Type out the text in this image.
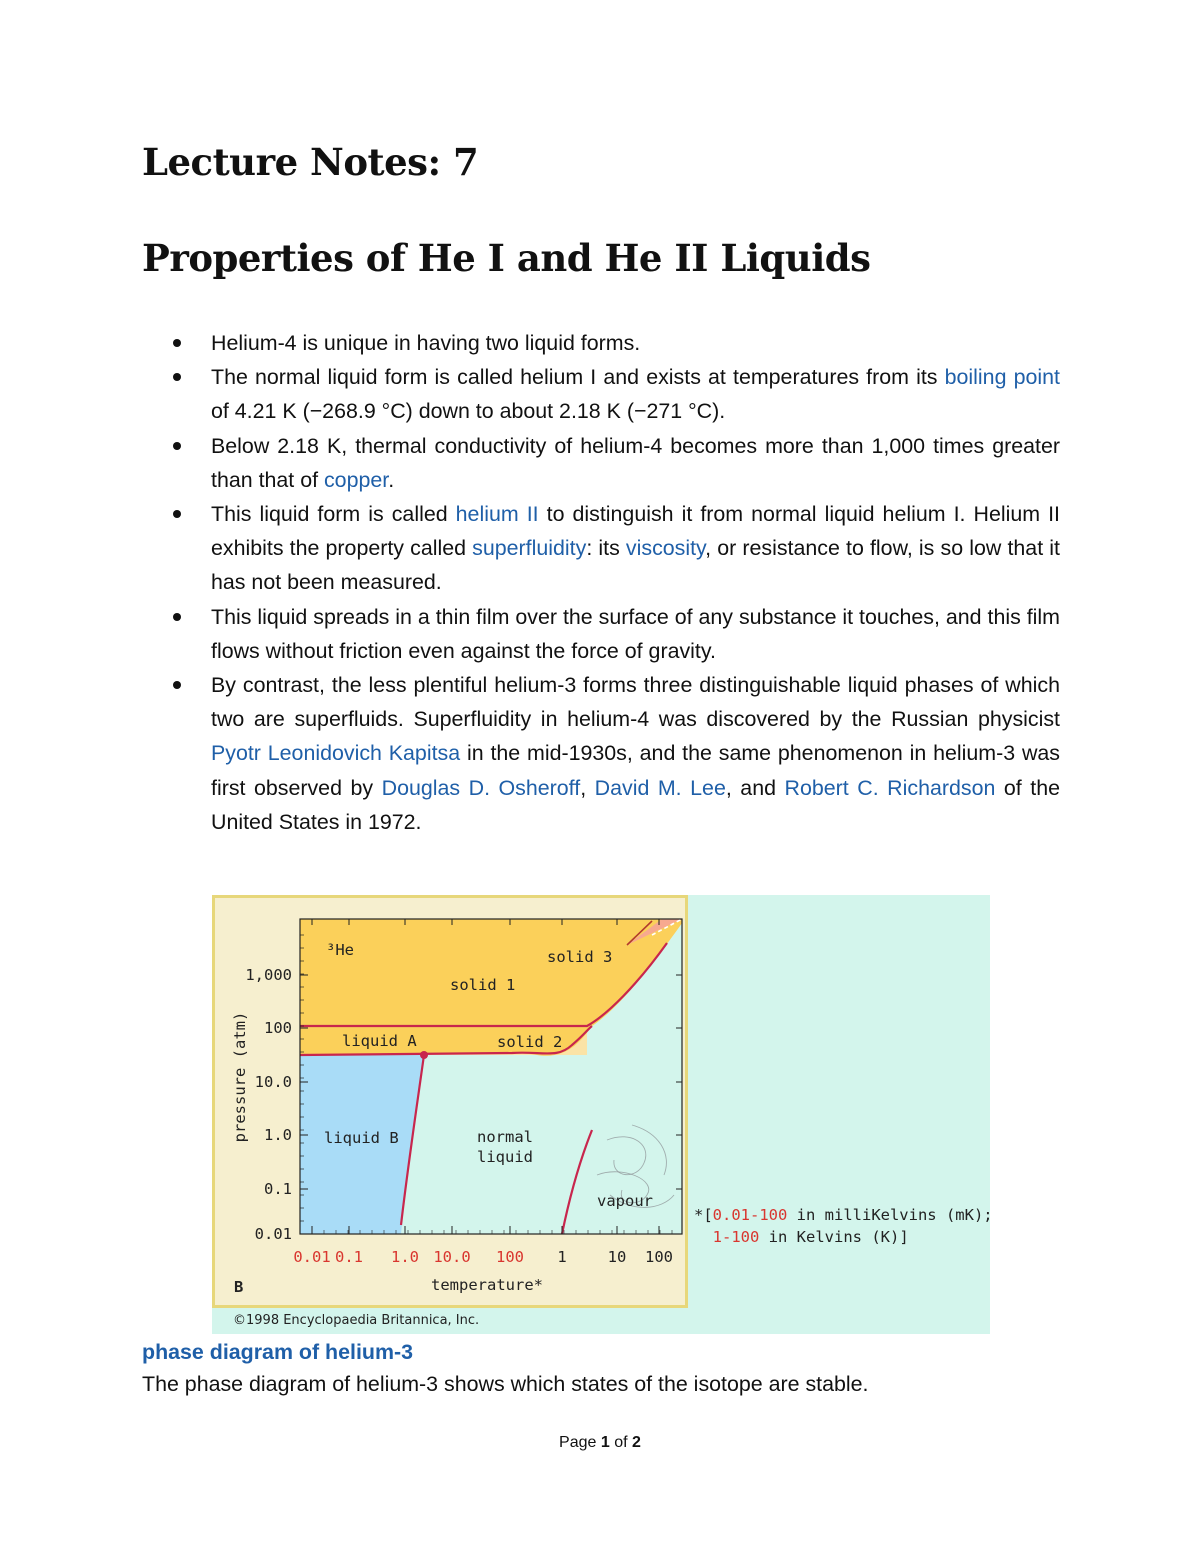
Lecture Notes: 7
Properties of He I and He II Liquids
Helium-4 is unique in having two liquid forms.
The normal liquid form is called helium I and exists at temperatures from its boiling point of 4.21 K (−268.9 °C) down to about 2.18 K (−271 °C).
Below 2.18 K, thermal conductivity of helium-4 becomes more than 1,000 times greater than that of copper.
This liquid form is called helium II to distinguish it from normal liquid helium I. Helium II exhibits the property called superfluidity: its viscosity, or resistance to flow, is so low that it has not been measured.
This liquid spreads in a thin film over the surface of any substance it touches, and this film flows without friction even against the force of gravity.
By contrast, the less plentiful helium-3 forms three distinguishable liquid phases of which two are superfluids. Superfluidity in helium-4 was discovered by the Russian physicist Pyotr Leonidovich Kapitsa in the mid-1930s, and the same phenomenon in helium-3 was first observed by Douglas D. Osheroff, David M. Lee, and Robert C. Richardson of the United States in 1972.
1,000
100
10.0
1.0
0.1
0.01
0.01 0.1 1.0 10.0 100 1	10 100
pressure (atm)
temperature*
B
³He
solid 1
solid 2
solid 3
liquid A
liquid B	normal
liquid
vapour
*[0.01-100 in milliKelvins (mK);
1-100 in Kelvins (K)]
©1998 Encyclopaedia Britannica, Inc.
phase diagram of helium-3
The phase diagram of helium-3 shows which states of the isotope are stable.
Page 1 of 2
